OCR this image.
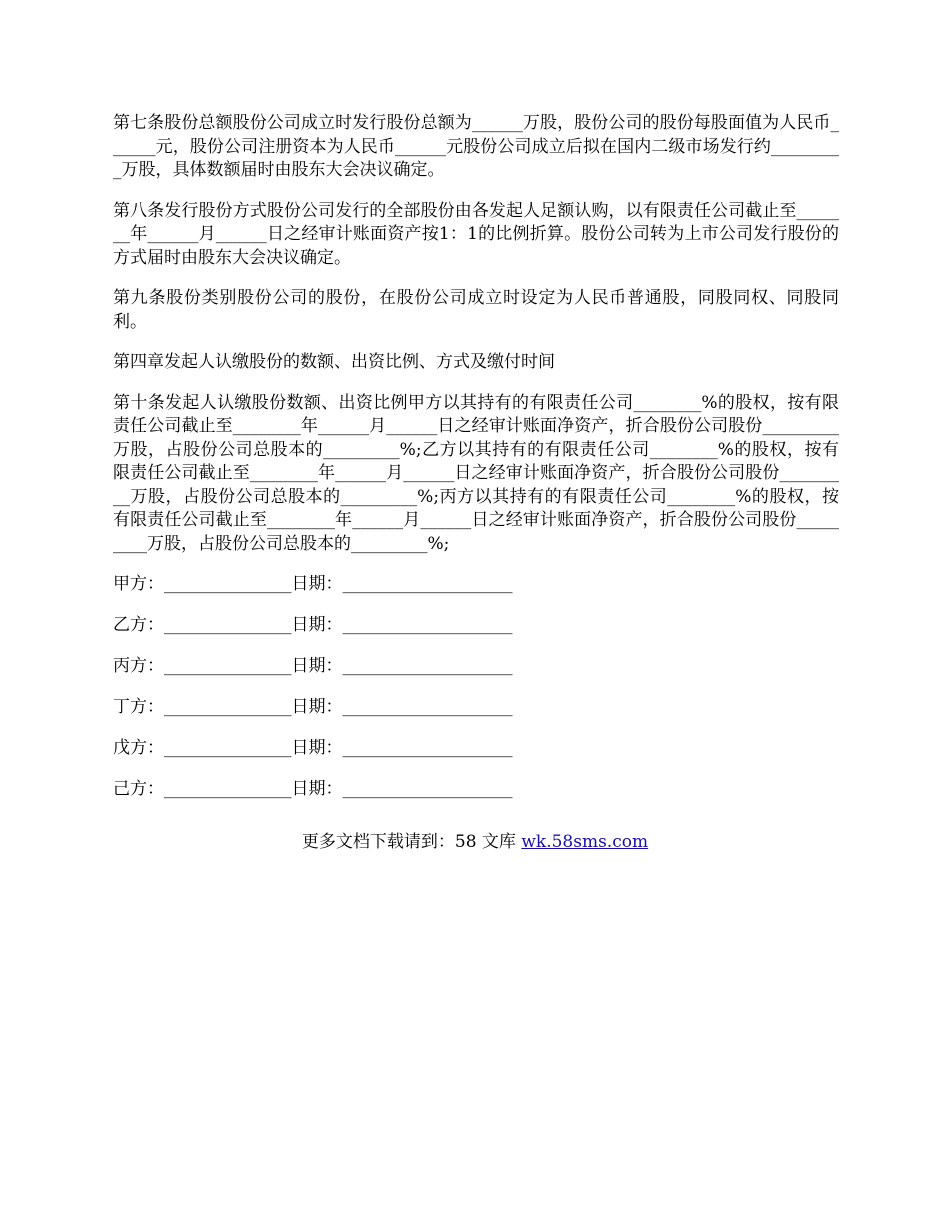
第七条股份总额股份公司成立时发行股份总额为______万股，股份公司的股份每股面值为人民币______元，股份公司注册资本为人民币______元股份公司成立后拟在国内二级市场发行约_________万股，具体数额届时由股东大会决议确定。

第八条发行股份方式股份公司发行的全部股份由各发起人足额认购，以有限责任公司截止至_______年______月______日之经审计账面资产按1：1的比例折算。股份公司转为上市公司发行股份的方式届时由股东大会决议确定。

第九条股份类别股份公司的股份，在股份公司成立时设定为人民币普通股，同股同权、同股同利。

第四章发起人认缴股份的数额、出资比例、方式及缴付时间

第十条发起人认缴股份数额、出资比例甲方以其持有的有限责任公司________%的股权，按有限责任公司截止至________年______月______日之经审计账面净资产，折合股份公司股份_________万股，占股份公司总股本的_________%;乙方以其持有的有限责任公司________%的股权，按有限责任公司截止至________年______月______日之经审计账面净资产，折合股份公司股份_________万股，占股份公司总股本的_________%;丙方以其持有的有限责任公司________%的股权，按有限责任公司截止至________年______月______日之经审计账面净资产，折合股份公司股份_________万股，占股份公司总股本的_________%;

甲方：_______________日期：____________________
乙方：_______________日期：____________________
丙方：_______________日期：____________________
丁方：_______________日期：____________________
戊方：_______________日期：____________________
己方：_______________日期：____________________
更多文档下载请到：58 文库 wk.58sms.com
